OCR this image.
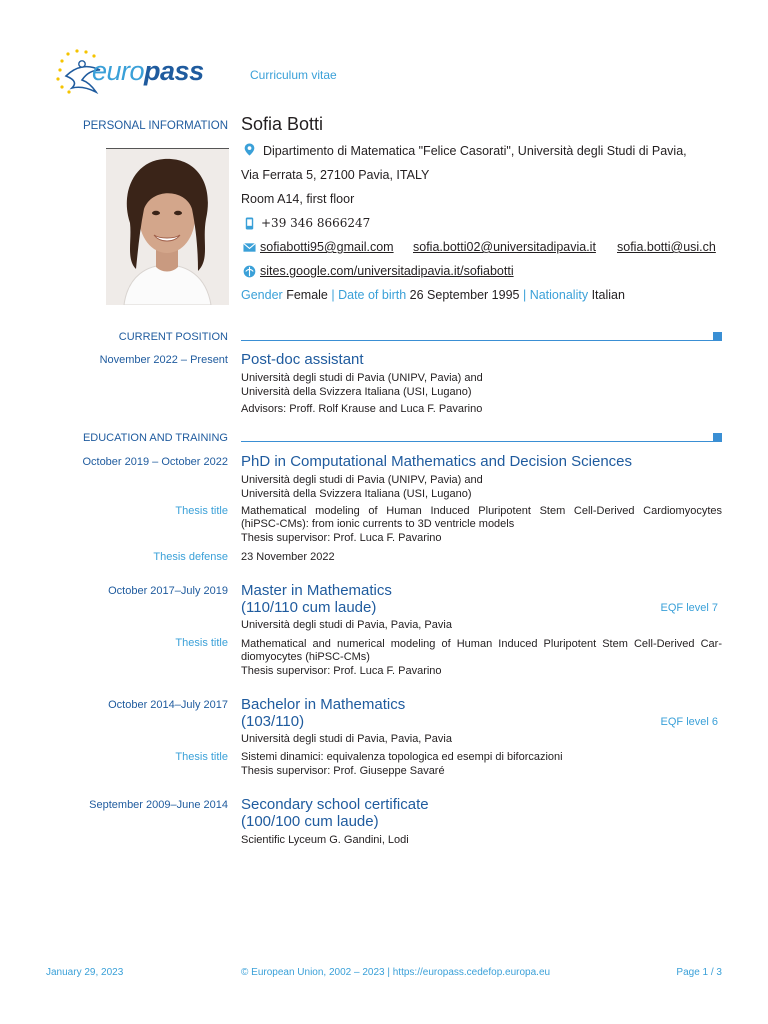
europass	Curriculum vitae
PERSONAL INFORMATION Sofia Botti
Dipartimento di Matematica "Felice Casorati", Università degli Studi di Pavia,
Via Ferrata 5, 27100 Pavia, ITALY
Room A14, first floor
+39 346 8666247
sofiabotti95@gmail.com sofia.botti02@universitadipavia.it sofia.botti@usi.ch
sites.google.com/universitadipavia.it/sofiabotti
Gender Female | Date of birth 26 September 1995 | Nationality Italian
CURRENT POSITION
November 2022 – Present Post-doc assistant
Università degli studi di Pavia (UNIPV, Pavia) and
Università della Svizzera Italiana (USI, Lugano)
Advisors: Proff. Rolf Krause and Luca F. Pavarino
EDUCATION AND TRAINING
October 2019 – October 2022 PhD in Computational Mathematics and Decision Sciences
Università degli studi di Pavia (UNIPV, Pavia) and
Università della Svizzera Italiana (USI, Lugano)
Thesis title Mathematical modeling of Human Induced Pluripotent Stem Cell-Derived Cardiomyocytes
(hiPSC-CMs): from ionic currents to 3D ventricle models
Thesis supervisor: Prof. Luca F. Pavarino
Thesis defense 23 November 2022
October 2017–July 2019 Master in Mathematics
(110/110 cum laude)	EQF level 7
Università degli studi di Pavia, Pavia, Pavia
Thesis title Mathematical and numerical modeling of Human Induced Pluripotent Stem Cell-Derived Car-
diomyocytes (hiPSC-CMs)
Thesis supervisor: Prof. Luca F. Pavarino
October 2014–July 2017 Bachelor in Mathematics
(103/110)	EQF level 6
Università degli studi di Pavia, Pavia, Pavia
Thesis title Sistemi dinamici: equivalenza topologica ed esempi di biforcazioni
Thesis supervisor: Prof. Giuseppe Savaré
September 2009–June 2014 Secondary school certificate
(100/100 cum laude)
Scientific Lyceum G. Gandini, Lodi
January 29, 2023	© European Union, 2002 – 2023 | https://europass.cedefop.europa.eu	Page 1 / 3
